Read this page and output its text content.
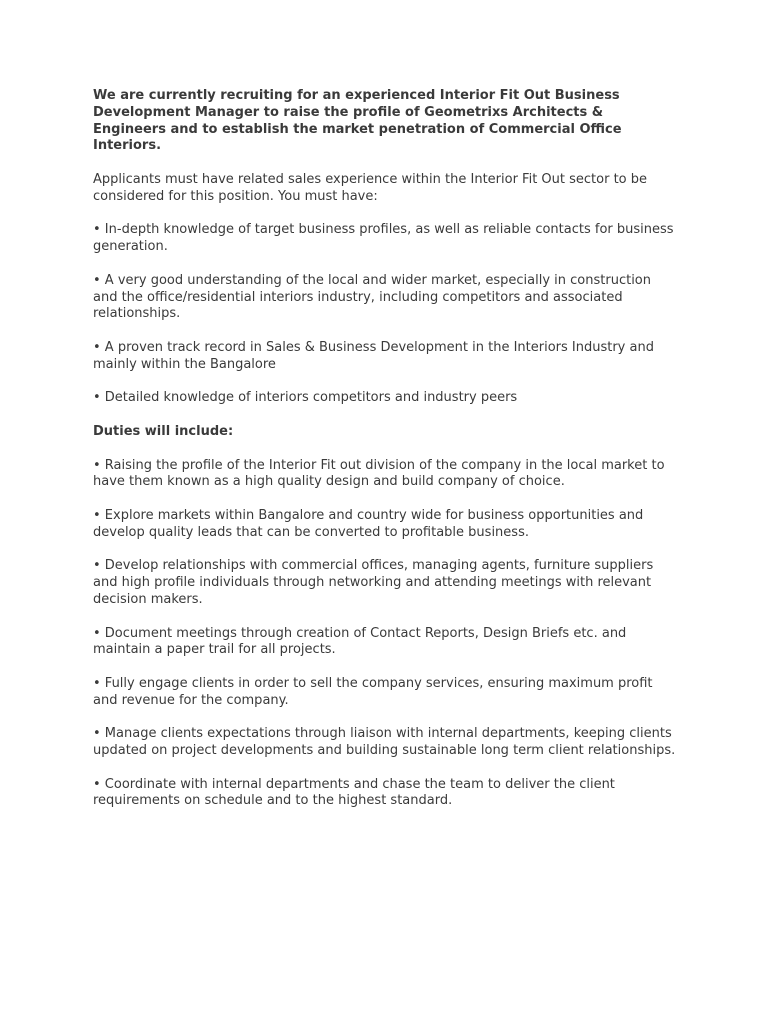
We are currently recruiting for an experienced Interior Fit Out Business Development Manager to raise the profile of Geometrixs Architects & Engineers and to establish the market penetration of Commercial Office Interiors.

Applicants must have related sales experience within the Interior Fit Out sector to be considered for this position. You must have:

• In-depth knowledge of target business profiles, as well as reliable contacts for business generation.

• A very good understanding of the local and wider market, especially in construction and the office/residential interiors industry, including competitors and associated relationships.

• A proven track record in Sales & Business Development in the Interiors Industry and mainly within the Bangalore

• Detailed knowledge of interiors competitors and industry peers

Duties will include:

• Raising the profile of the Interior Fit out division of the company in the local market to have them known as a high quality design and build company of choice.

• Explore markets within Bangalore and country wide for business opportunities and develop quality leads that can be converted to profitable business.

• Develop relationships with commercial offices, managing agents, furniture suppliers and high profile individuals through networking and attending meetings with relevant decision makers.

• Document meetings through creation of Contact Reports, Design Briefs etc. and maintain a paper trail for all projects.

• Fully engage clients in order to sell the company services, ensuring maximum profit and revenue for the company.

• Manage clients expectations through liaison with internal departments, keeping clients updated on project developments and building sustainable long term client relationships.

• Coordinate with internal departments and chase the team to deliver the client requirements on schedule and to the highest standard.
